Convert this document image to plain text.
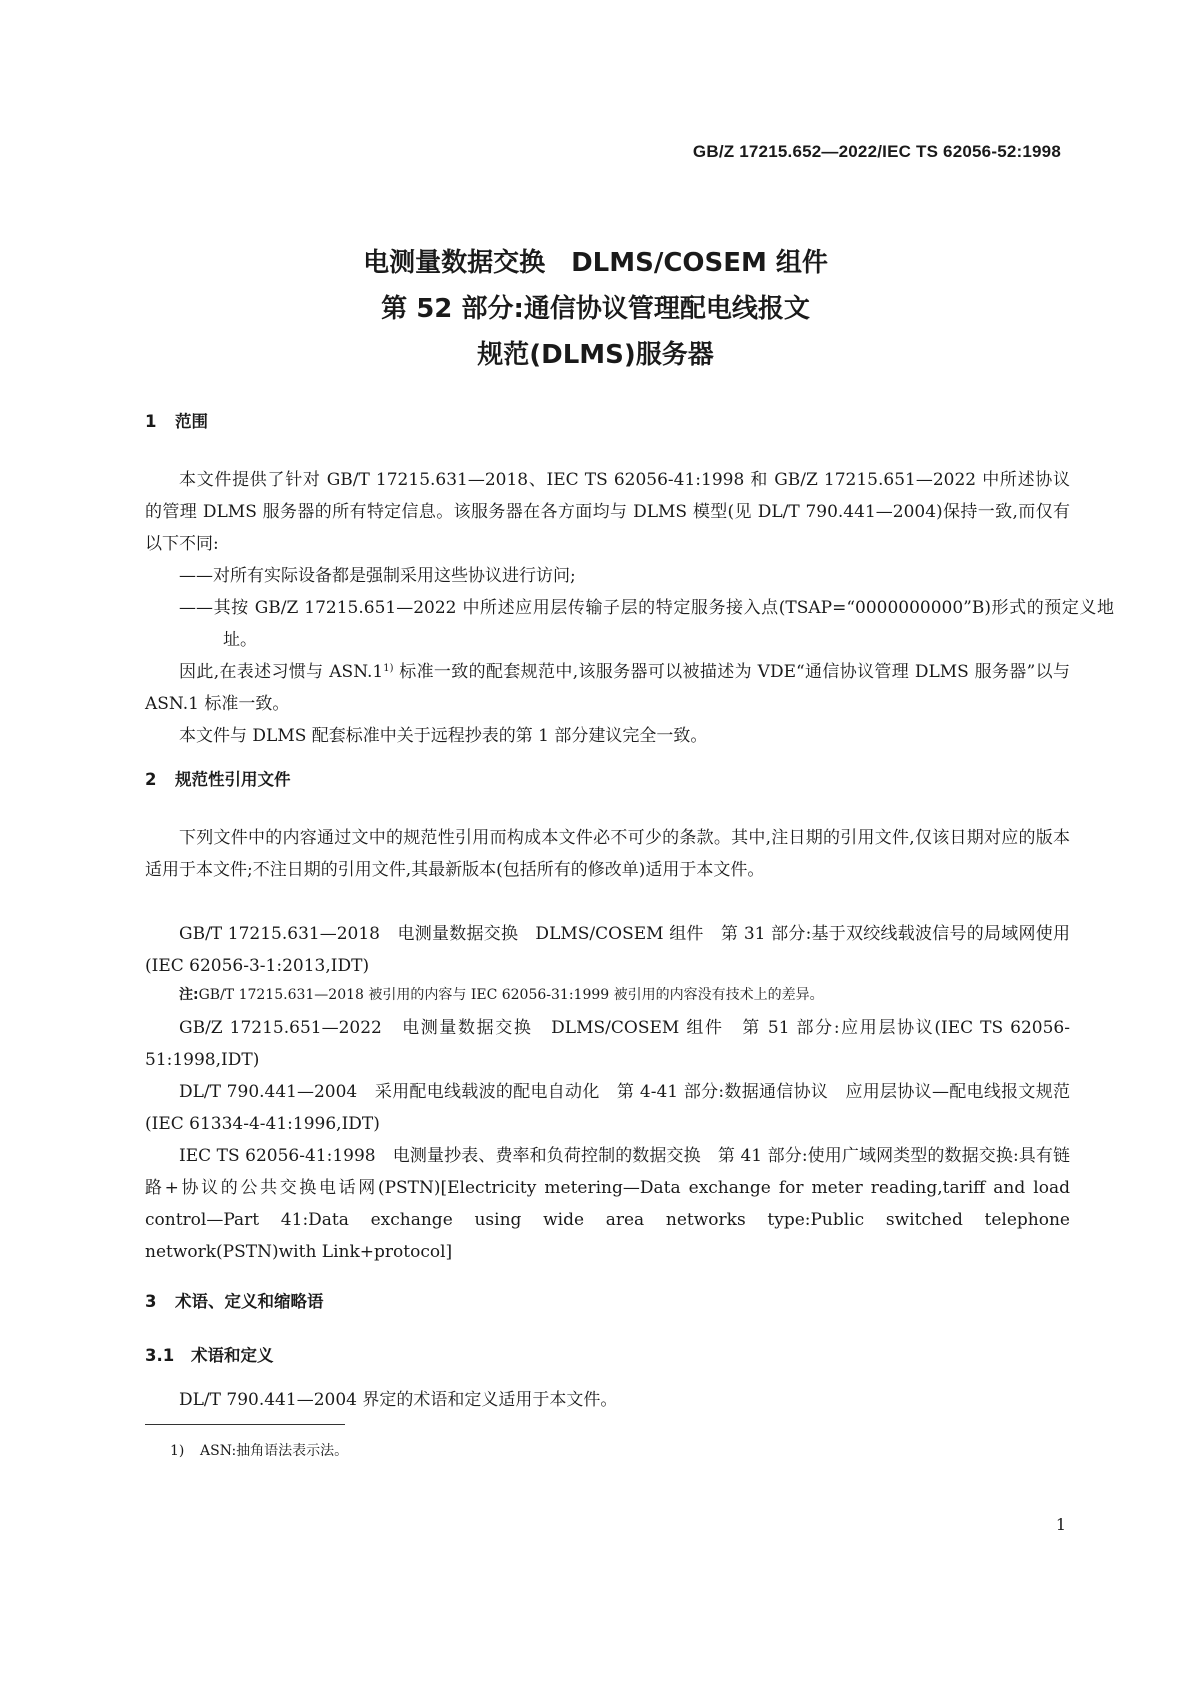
GB/Z 17215.652—2022/IEC TS 62056-52:1998
电测量数据交换　DLMS/COSEM 组件
第 52 部分:通信协议管理配电线报文
规范(DLMS)服务器
1 范围

本文件提供了针对 GB/T 17215.631—2018、IEC TS 62056-41:1998 和 GB/Z 17215.651—2022 中所述协议的管理 DLMS 服务器的所有特定信息。该服务器在各方面均与 DLMS 模型(见 DL/T 790.441—2004)保持一致,而仅有以下不同:

——对所有实际设备都是强制采用这些协议进行访问;

——其按 GB/Z 17215.651—2022 中所述应用层传输子层的特定服务接入点(TSAP=“0000000000”B)形式的预定义地址。

因此,在表述习惯与 ASN.1$^{1)}$ 标准一致的配套规范中,该服务器可以被描述为 VDE“通信协议管理 DLMS 服务器”以与 ASN.1 标准一致。

本文件与 DLMS 配套标准中关于远程抄表的第 1 部分建议完全一致。

2 规范性引用文件

下列文件中的内容通过文中的规范性引用而构成本文件必不可少的条款。其中,注日期的引用文件,仅该日期对应的版本适用于本文件;不注日期的引用文件,其最新版本(包括所有的修改单)适用于本文件。

GB/T 17215.631—2018　电测量数据交换　DLMS/COSEM 组件　第 31 部分:基于双绞线载波信号的局域网使用(IEC 62056-3-1:2013,IDT)

注:GB/T 17215.631—2018 被引用的内容与 IEC 62056-31:1999 被引用的内容没有技术上的差异。

GB/Z 17215.651—2022　电测量数据交换　DLMS/COSEM 组件　第 51 部分:应用层协议(IEC TS 62056-51:1998,IDT)

DL/T 790.441—2004　采用配电线载波的配电自动化　第 4-41 部分:数据通信协议　应用层协议—配电线报文规范(IEC 61334-4-41:1996,IDT)

IEC TS 62056-41:1998　电测量抄表、费率和负荷控制的数据交换　第 41 部分:使用广域网类型的数据交换:具有链路+协议的公共交换电话网(PSTN)[Electricity metering—Data exchange for meter reading,tariff and load control—Part 41:Data exchange using wide area networks type:Public switched telephone network(PSTN)with Link+protocol]

3 术语、定义和缩略语
3.1 术语和定义

DL/T 790.441—2004 界定的术语和定义适用于本文件。

1) ASN:抽角语法表示法。
1
